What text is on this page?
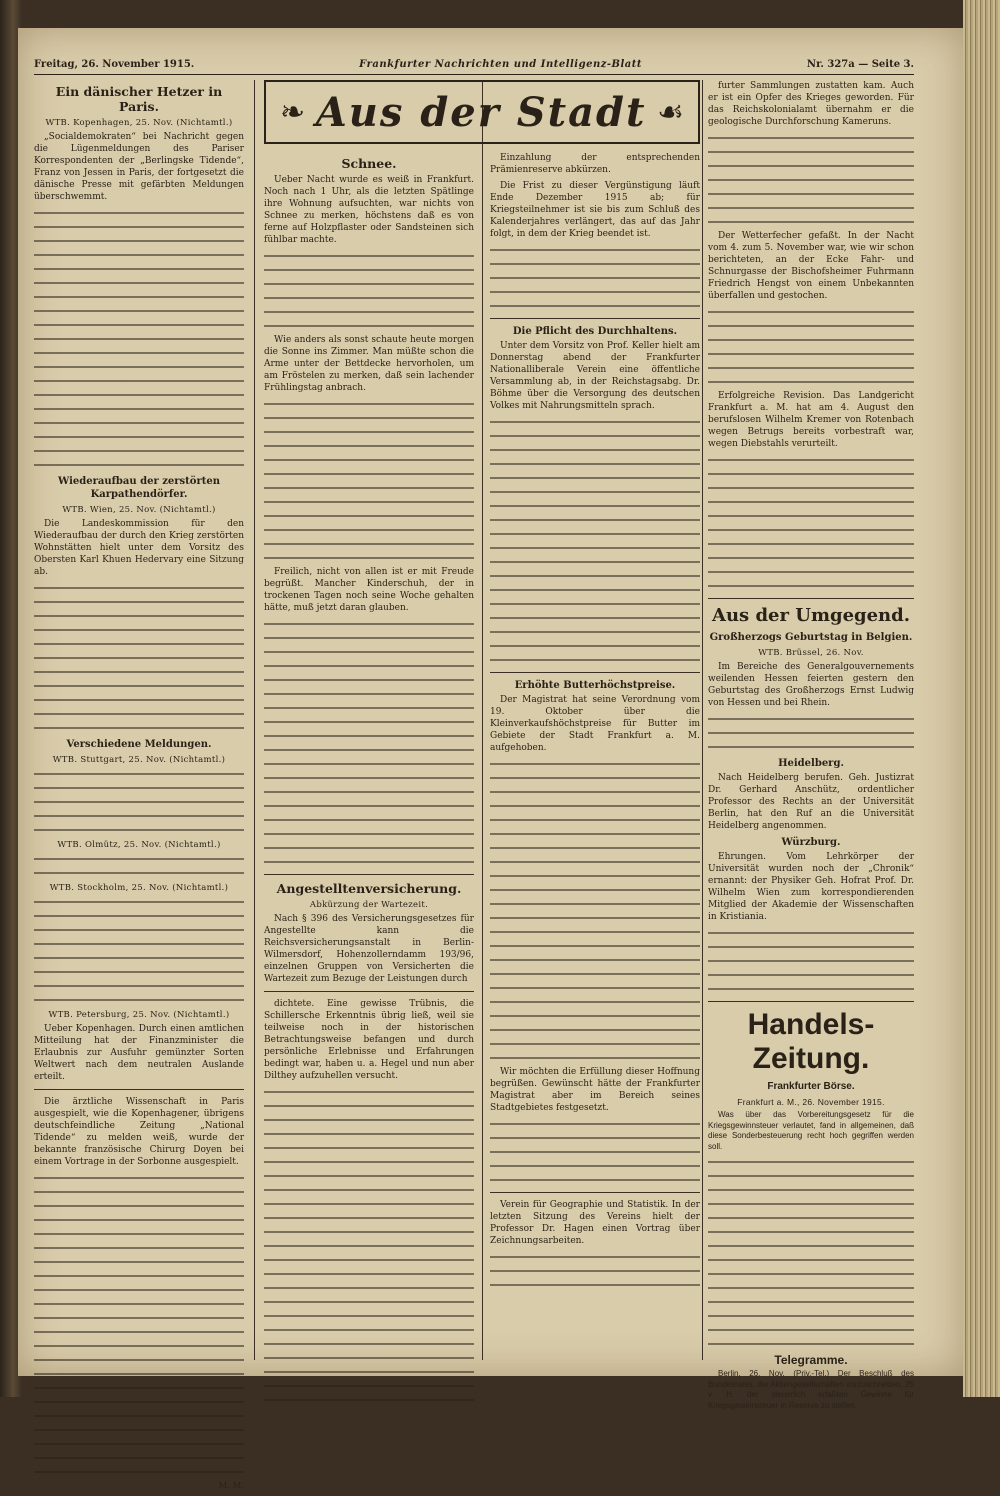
Freitag, 26. November 1915.	Frankfurter Nachrichten und Intelligenz-Blatt	Nr. 327a — Seite 3.
Ein dänischer Hetzer in Paris.
WTB. Kopenhagen, 25. Nov. (Nichtamtl.)

„Socialdemokraten“ bei Nachricht gegen die Lügenmeldungen des Pariser Korrespondenten der „Berlingske Tidende“, Franz von Jessen in Paris, der fortgesetzt die dänische Presse mit gefärbten Meldungen überschwemmt.

Wiederaufbau der zerstörten Karpathendörfer.
WTB. Wien, 25. Nov. (Nichtamtl.)

Die Landeskommission für den Wiederaufbau der durch den Krieg zerstörten Wohnstätten hielt unter dem Vorsitz des Obersten Karl Khuen Hedervary eine Sitzung ab.

Verschiedene Meldungen.
WTB. Stuttgart, 25. Nov. (Nichtamtl.)
WTB. Olmütz, 25. Nov. (Nichtamtl.)
WTB. Stockholm, 25. Nov. (Nichtamtl.)
WTB. Petersburg, 25. Nov. (Nichtamtl.)

Ueber Kopenhagen. Durch einen amtlichen Mitteilung hat der Finanzminister die Erlaubnis zur Ausfuhr gemünzter Sorten Weltwert nach dem neutralen Auslande erteilt.

Die ärztliche Wissenschaft in Paris ausgespielt, wie die Kopenhagener, übrigens deutschfeindliche Zeitung „National Tidende“ zu melden weiß, wurde der bekannte französische Chirurg Doyen bei einem Vortrage in der Sorbonne ausgespielt.

M. M.
❧ Aus der Stadt ☙
Schnee.

Ueber Nacht wurde es weiß in Frankfurt. Noch nach 1 Uhr, als die letzten Spätlinge ihre Wohnung aufsuchten, war nichts von Schnee zu merken, höchstens daß es von ferne auf Holzpflaster oder Sandsteinen sich fühlbar machte.

Wie anders als sonst schaute heute morgen die Sonne ins Zimmer. Man müßte schon die Arme unter der Bettdecke hervorholen, um am Fröstelen zu merken, daß sein lachender Frühlingstag anbrach.

Freilich, nicht von allen ist er mit Freude begrüßt. Mancher Kinderschuh, der in trockenen Tagen noch seine Woche gehalten hätte, muß jetzt daran glauben.

Angestelltenversicherung.
Abkürzung der Wartezeit.

Nach § 396 des Versicherungsgesetzes für Angestellte kann die Reichsversicherungsanstalt in Berlin-Wilmersdorf, Hohenzollerndamm 193/96, einzelnen Gruppen von Versicherten die Wartezeit zum Bezuge der Leistungen durch

dichtete. Eine gewisse Trübnis, die Schillersche Erkenntnis übrig ließ, weil sie teilweise noch in der historischen Betrachtungsweise befangen und durch persönliche Erlebnisse und Erfahrungen bedingt war, haben u. a. Hegel und nun aber Dilthey aufzuhellen versucht.

Einzahlung der entsprechenden Prämienreserve abkürzen.

Die Frist zu dieser Vergünstigung läuft Ende Dezember 1915 ab; für Kriegsteilnehmer ist sie bis zum Schluß des Kalenderjahres verlängert, das auf das Jahr folgt, in dem der Krieg beendet ist.

Die Pflicht des Durchhaltens.

Unter dem Vorsitz von Prof. Keller hielt am Donnerstag abend der Frankfurter Nationalliberale Verein eine öffentliche Versammlung ab, in der Reichstagsabg. Dr. Böhme über die Versorgung des deutschen Volkes mit Nahrungsmitteln sprach.

Erhöhte Butterhöchstpreise.

Der Magistrat hat seine Verordnung vom 19. Oktober über die Kleinverkaufshöchstpreise für Butter im Gebiete der Stadt Frankfurt a. M. aufgehoben.

Wir möchten die Erfüllung dieser Hoffnung begrüßen. Gewünscht hätte der Frankfurter Magistrat aber im Bereich seines Stadtgebietes festgesetzt.

Verein für Geographie und Statistik. In der letzten Sitzung des Vereins hielt der Professor Dr. Hagen einen Vortrag über Zeichnungsarbeiten.

furter Sammlungen zustatten kam. Auch er ist ein Opfer des Krieges geworden. Für das Reichskolonialamt übernahm er die geologische Durchforschung Kameruns.

Der Wetterfecher gefaßt. In der Nacht vom 4. zum 5. November war, wie wir schon berichteten, an der Ecke Fahr- und Schnurgasse der Bischofsheimer Fuhrmann Friedrich Hengst von einem Unbekannten überfallen und gestochen.

Erfolgreiche Revision. Das Landgericht Frankfurt a. M. hat am 4. August den berufslosen Wilhelm Kremer von Rotenbach wegen Betrugs bereits vorbestraft war, wegen Diebstahls verurteilt.

Aus der Umgegend.
Großherzogs Geburtstag in Belgien.
WTB. Brüssel, 26. Nov.

Im Bereiche des Generalgouvernements weilenden Hessen feierten gestern den Geburtstag des Großherzogs Ernst Ludwig von Hessen und bei Rhein.

Heidelberg.

Nach Heidelberg berufen. Geh. Justizrat Dr. Gerhard Anschütz, ordentlicher Professor des Rechts an der Universität Berlin, hat den Ruf an die Universität Heidelberg angenommen.

Würzburg.

Ehrungen. Vom Lehrkörper der Universität wurden noch der „Chronik“ ernannt: der Physiker Geh. Hofrat Prof. Dr. Wilhelm Wien zum korrespondierenden Mitglied der Akademie der Wissenschaften in Kristiania.

Handels-Zeitung.
Frankfurter Börse.
Frankfurt a. M., 26. November 1915.

Was über das Vorbereitungsgesetz für die Kriegsgewinnsteuer verlautet, fand in allgemeinen, daß diese Sonderbesteuerung recht hoch gegriffen werden soll.

Telegramme.

Berlin, 26. Nov. (Priv.-Tel.) Der Beschluß des Bundesrates, die Aktiengesellschaften vorzuschreiben, 25 v. H. der steuerlich erfaßten Gewinne für Kriegsgewinnsteuer in Reserve zu stellen.
